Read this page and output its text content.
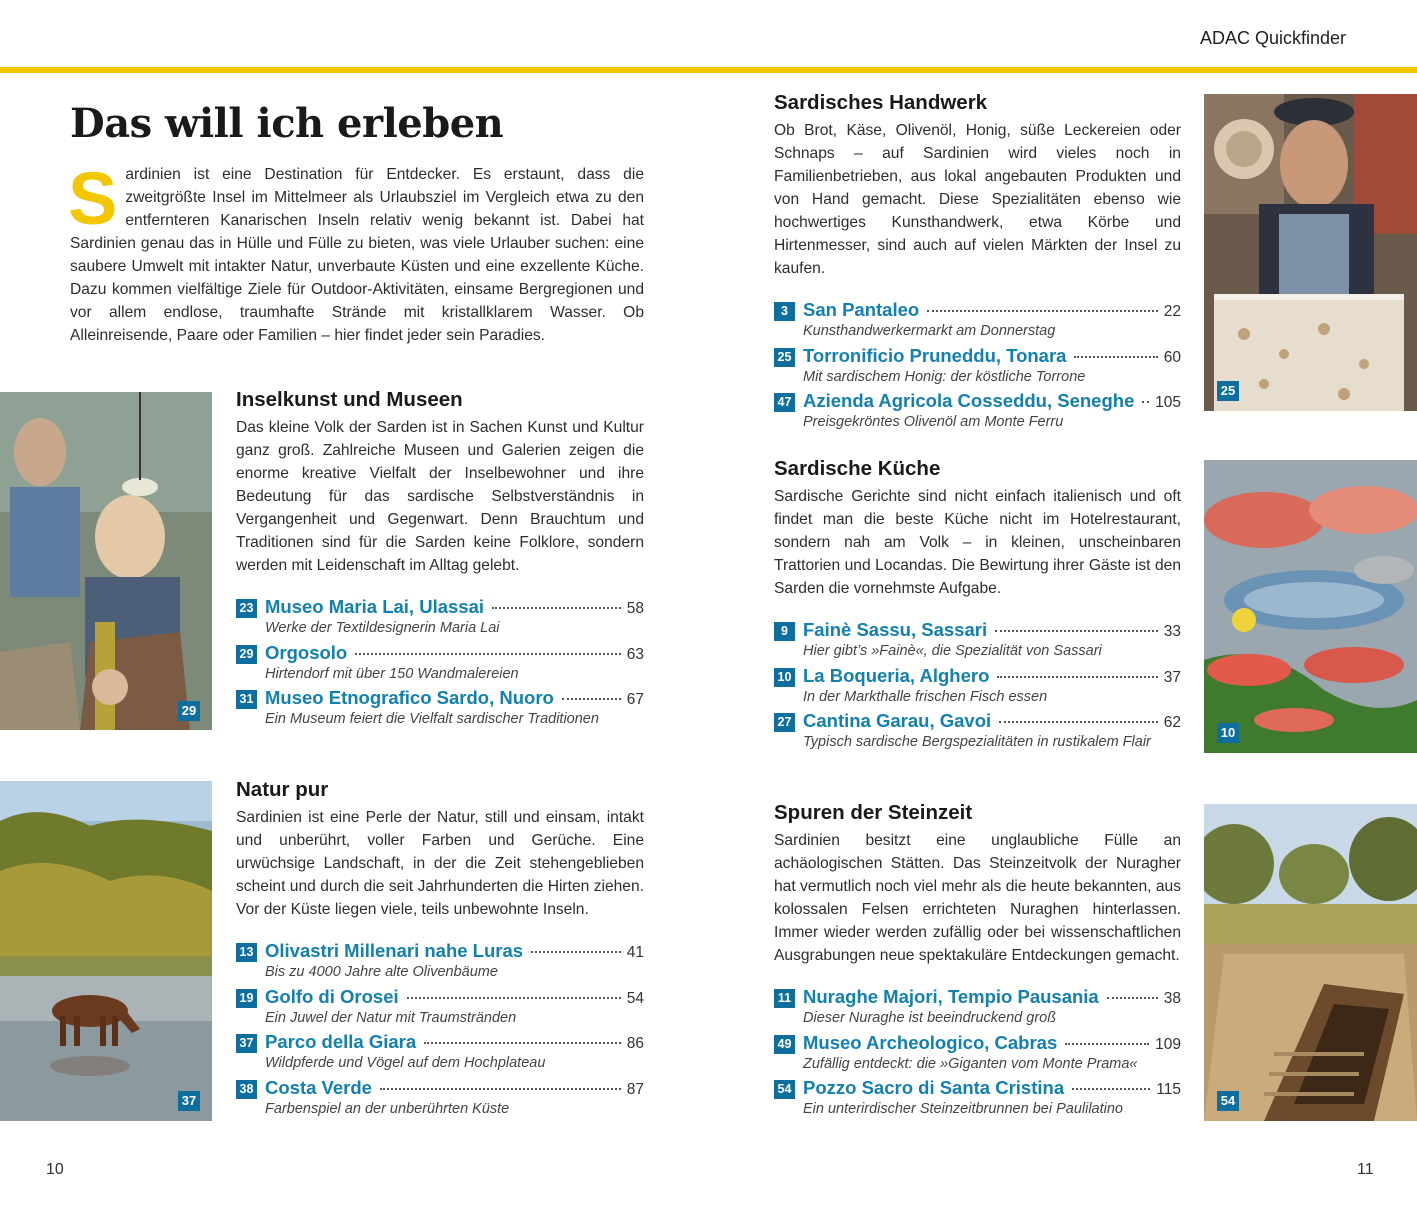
ADAC Quickfinder
Das will ich erleben
Sardinien ist eine Destination für Entdecker. Es erstaunt, dass die zweitgrößte Insel im Mittelmeer als Urlaubsziel im Vergleich etwa zu den entfernteren Kanarischen Inseln relativ wenig bekannt ist. Dabei hat Sardinien genau das in Hülle und Fülle zu bieten, was viele Urlauber suchen: eine saubere Umwelt mit intakter Natur, unverbaute Küsten und eine exzellente Küche. Dazu kommen vielfältige Ziele für Outdoor-Aktivitäten, einsame Bergregionen und vor allem endlose, traumhafte Strände mit kristallklarem Wasser. Ob Alleinreisende, Paare oder Familien – hier findet jeder sein Paradies.
29
Inselkunst und Museen

Das kleine Volk der Sarden ist in Sachen Kunst und Kultur ganz groß. Zahlreiche Museen und Galerien zeigen die enorme kreative Vielfalt der Inselbewohner und ihre Bedeutung für das sardische Selbstverständnis in Vergangenheit und Gegenwart. Denn Brauchtum und Traditionen sind für die Sarden keine Folklore, sondern werden mit Leidenschaft im Alltag gelebt.

23 Museo Maria Lai, Ulassai	58
Werke der Textildesignerin Maria Lai
29 Orgosolo	63
Hirtendorf mit über 150 Wandmalereien
31 Museo Etnografico Sardo, Nuoro	67
Ein Museum feiert die Vielfalt sardischer Traditionen
37
Natur pur

Sardinien ist eine Perle der Natur, still und einsam, intakt und unberührt, voller Farben und Gerüche. Eine urwüchsige Landschaft, in der die Zeit stehengeblieben scheint und durch die seit Jahrhunderten die Hirten ziehen. Vor der Küste liegen viele, teils unbewohnte Inseln.

13 Olivastri Millenari nahe Luras	41
Bis zu 4000 Jahre alte Olivenbäume
19 Golfo di Orosei	54
Ein Juwel der Natur mit Traumstränden
37 Parco della Giara	86
Wildpferde und Vögel auf dem Hochplateau
38 Costa Verde	87
Farbenspiel an der unberührten Küste
Sardisches Handwerk

Ob Brot, Käse, Olivenöl, Honig, süße Leckereien oder Schnaps – auf Sardinien wird vieles noch in Familienbetrieben, aus lokal angebauten Produkten und von Hand gemacht. Diese Spezialitäten ebenso wie hochwertiges Kunsthandwerk, etwa Körbe und Hirtenmesser, sind auch auf vielen Märkten der Insel zu kaufen.

3 San Pantaleo	22
Kunsthandwerkermarkt am Donnerstag
25 Torronificio Pruneddu, Tonara	60
Mit sardischem Honig: der köstliche Torrone
47 Azienda Agricola Cosseddu, Seneghe 105
Preisgekröntes Olivenöl am Monte Ferru
25
Sardische Küche

Sardische Gerichte sind nicht einfach italienisch und oft findet man die beste Küche nicht im Hotelrestaurant, sondern nah am Volk – in kleinen, unscheinbaren Trattorien und Locandas. Die Bewirtung ihrer Gäste ist den Sarden die vornehmste Aufgabe.

9 Fainè Sassu, Sassari	33
Hier gibt’s »Fainè«, die Spezialität von Sassari
10 La Boqueria, Alghero	37
In der Markthalle frischen Fisch essen
27 Cantina Garau, Gavoi	62
Typisch sardische Bergspezialitäten in rustikalem Flair
10
Spuren der Steinzeit

Sardinien besitzt eine unglaubliche Fülle an achäologischen Stätten. Das Steinzeitvolk der Nuragher hat vermutlich noch viel mehr als die heute bekannten, aus kolossalen Felsen errichteten Nuraghen hinterlassen. Immer wieder werden zufällig oder bei wissenschaftlichen Ausgrabungen neue spektakuläre Entdeckungen gemacht.

11 Nuraghe Majori, Tempio Pausania	38
Dieser Nuraghe ist beeindruckend groß
49 Museo Archeologico, Cabras	109
Zufällig entdeckt: die »Giganten vom Monte Prama«
54 Pozzo Sacro di Santa Cristina	115
Ein unterirdischer Steinzeitbrunnen bei Paulilatino
54
10	11
